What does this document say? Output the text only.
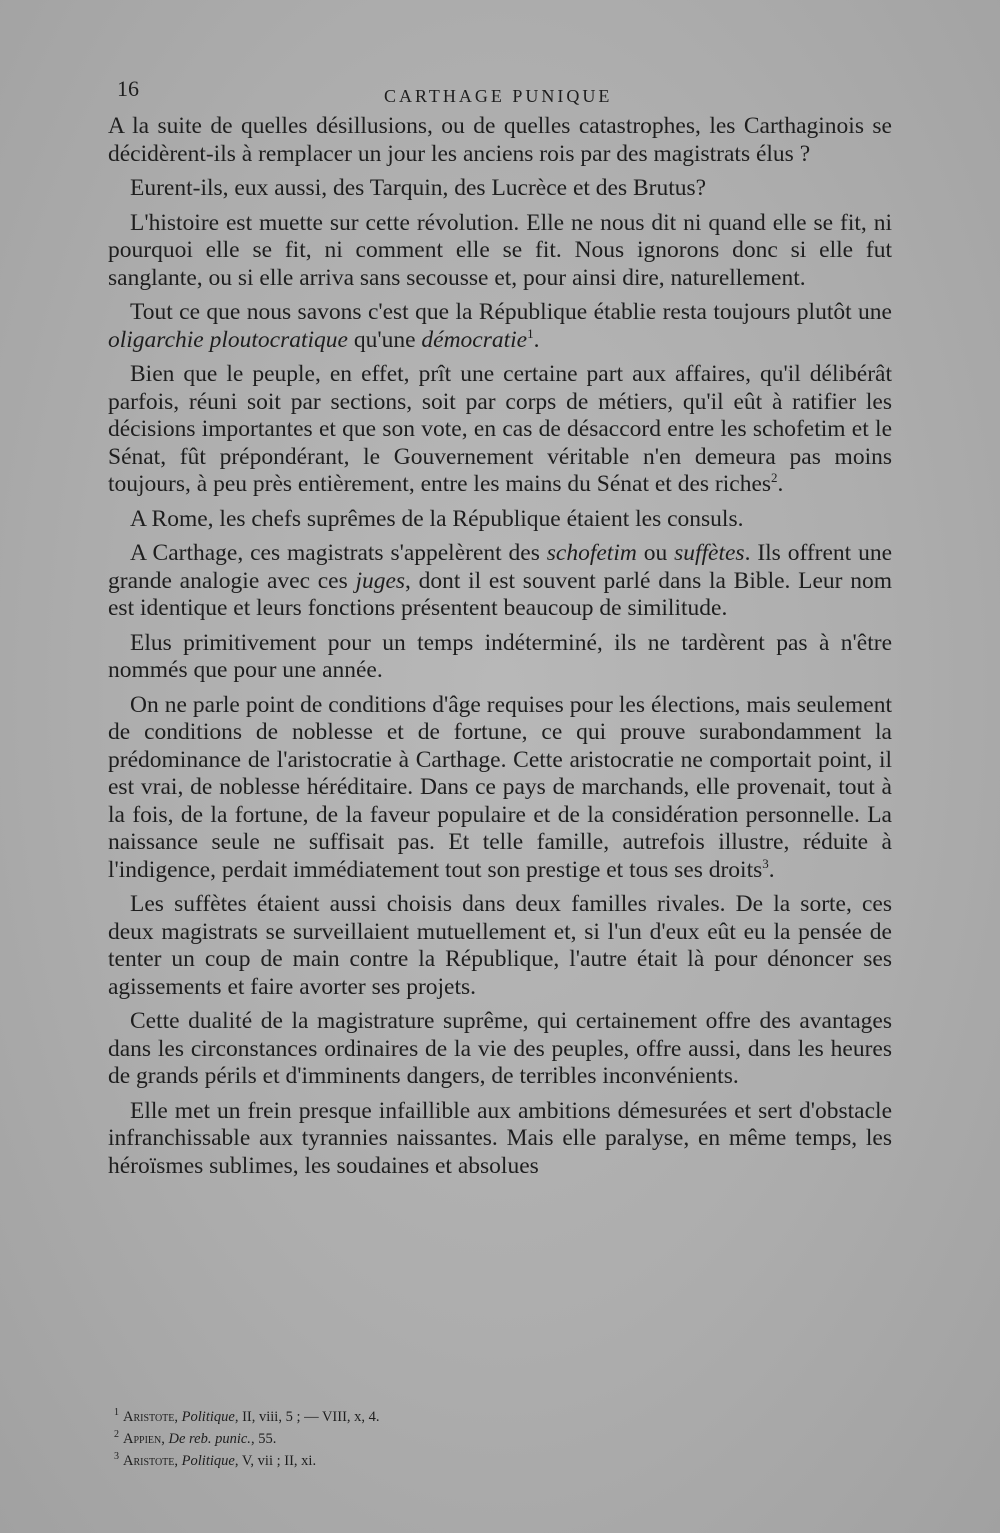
16	CARTHAGE PUNIQUE

A la suite de quelles désillusions, ou de quelles catastrophes, les Carthaginois se décidèrent-ils à remplacer un jour les anciens rois par des magistrats élus ?

Eurent-ils, eux aussi, des Tarquin, des Lucrèce et des Brutus?

L'histoire est muette sur cette révolution. Elle ne nous dit ni quand elle se fit, ni pourquoi elle se fit, ni comment elle se fit. Nous ignorons donc si elle fut sanglante, ou si elle arriva sans secousse et, pour ainsi dire, naturellement.

Tout ce que nous savons c'est que la République établie resta toujours plutôt une oligarchie ploutocratique qu'une démocratie$^1$.

Bien que le peuple, en effet, prît une certaine part aux affaires, qu'il délibérât parfois, réuni soit par sections, soit par corps de métiers, qu'il eût à ratifier les décisions importantes et que son vote, en cas de désaccord entre les schofetim et le Sénat, fût prépondérant, le Gouvernement véritable n'en demeura pas moins toujours, à peu près entièrement, entre les mains du Sénat et des riches$^2$.

A Rome, les chefs suprêmes de la République étaient les consuls.

A Carthage, ces magistrats s'appelèrent des schofetim ou suffètes. Ils offrent une grande analogie avec ces juges, dont il est souvent parlé dans la Bible. Leur nom est identique et leurs fonctions présentent beaucoup de similitude.

Elus primitivement pour un temps indéterminé, ils ne tardèrent pas à n'être nommés que pour une année.

On ne parle point de conditions d'âge requises pour les élections, mais seulement de conditions de noblesse et de fortune, ce qui prouve surabondamment la prédominance de l'aristocratie à Carthage. Cette aristocratie ne comportait point, il est vrai, de noblesse héréditaire. Dans ce pays de marchands, elle provenait, tout à la fois, de la fortune, de la faveur populaire et de la considération personnelle. La naissance seule ne suffisait pas. Et telle famille, autrefois illustre, réduite à l'indigence, perdait immédiatement tout son prestige et tous ses droits$^3$.

Les suffètes étaient aussi choisis dans deux familles rivales. De la sorte, ces deux magistrats se surveillaient mutuellement et, si l'un d'eux eût eu la pensée de tenter un coup de main contre la République, l'autre était là pour dénoncer ses agissements et faire avorter ses projets.

Cette dualité de la magistrature suprême, qui certainement offre des avantages dans les circonstances ordinaires de la vie des peuples, offre aussi, dans les heures de grands périls et d'imminents dangers, de terribles inconvénients.

Elle met un frein presque infaillible aux ambitions démesurées et sert d'obstacle infranchissable aux tyrannies naissantes. Mais elle paralyse, en même temps, les héroïsmes sublimes, les soudaines et absolues

$^1$ Aristote, Politique, II, viii, 5 ; — VIII, x, 4.
$^2$ Appien, De reb. punic., 55.
$^3$ Aristote, Politique, V, vii ; II, xi.
